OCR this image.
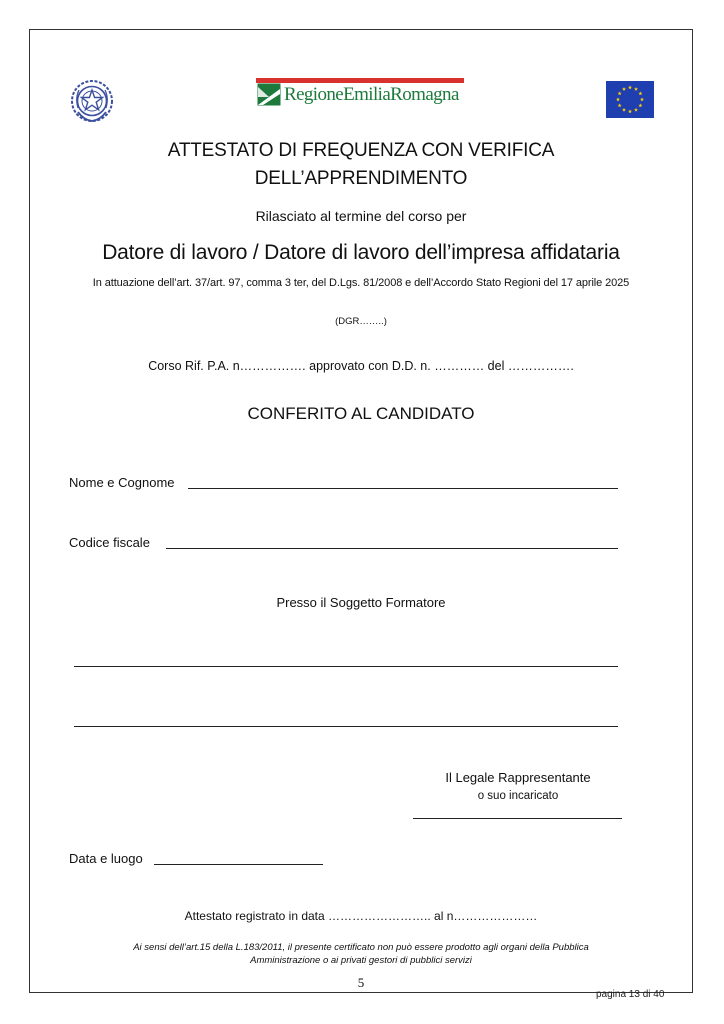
RegioneEmiliaRomagna
ATTESTATO DI FREQUENZA CON VERIFICA
DELL’APPRENDIMENTO
Rilasciato al termine del corso per
Datore di lavoro / Datore di lavoro dell’impresa affidataria
In attuazione dell’art. 37/art. 97, comma 3 ter, del D.Lgs. 81/2008 e dell’Accordo Stato Regioni del 17 aprile 2025
(DGR……..)
Corso Rif. P.A. n……………. approvato con D.D. n. ………… del …………….
CONFERITO AL CANDIDATO
Nome e Cognome
Codice fiscale
Presso il Soggetto Formatore
Il Legale Rappresentante
o suo incaricato
Data e luogo
Attestato registrato in data …………………….. al n…………………
Ai sensi dell’art.15 della L.183/2011, il presente certificato non può essere prodotto agli organi della Pubblica
Amministrazione o ai privati gestori di pubblici servizi
5
pagina 13 di 40
